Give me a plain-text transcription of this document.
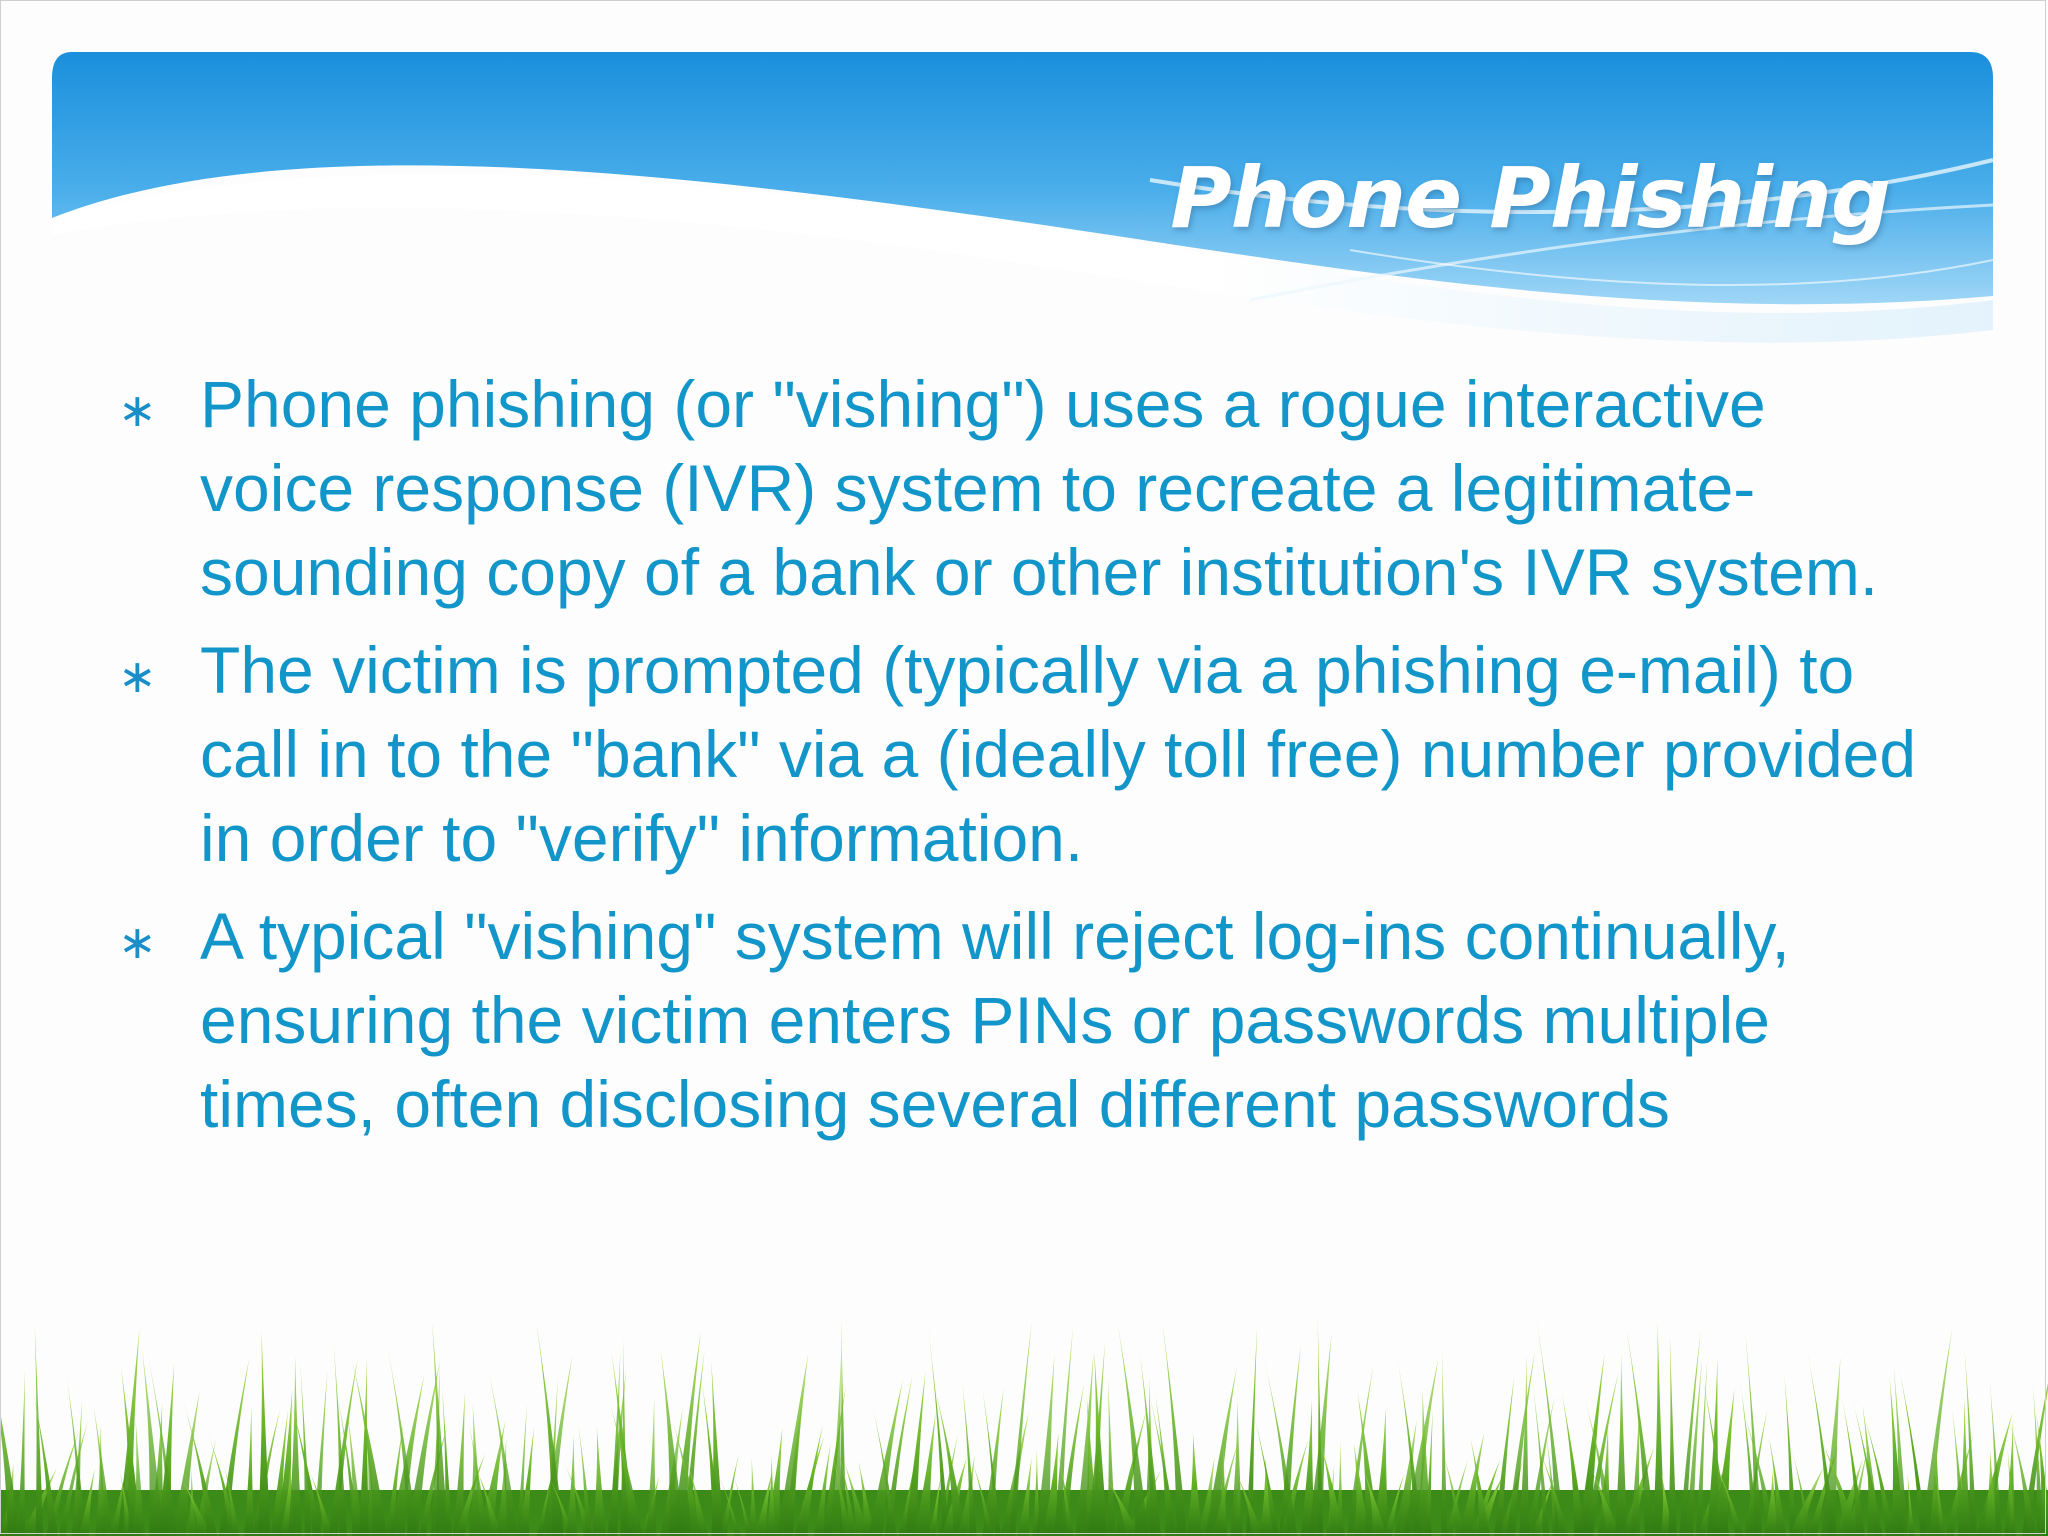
Phone Phishing
∗ Phone phishing (or "vishing") uses a rogue interactive voice response (IVR) system to recreate a legitimate-sounding copy of a bank or other institution's IVR system.
∗ The victim is prompted (typically via a phishing e-mail) to call in to the "bank" via a (ideally toll free) number provided in order to "verify" information.
∗ A typical "vishing" system will reject log-ins continually, ensuring the victim enters PINs or passwords multiple times, often disclosing several different passwords
